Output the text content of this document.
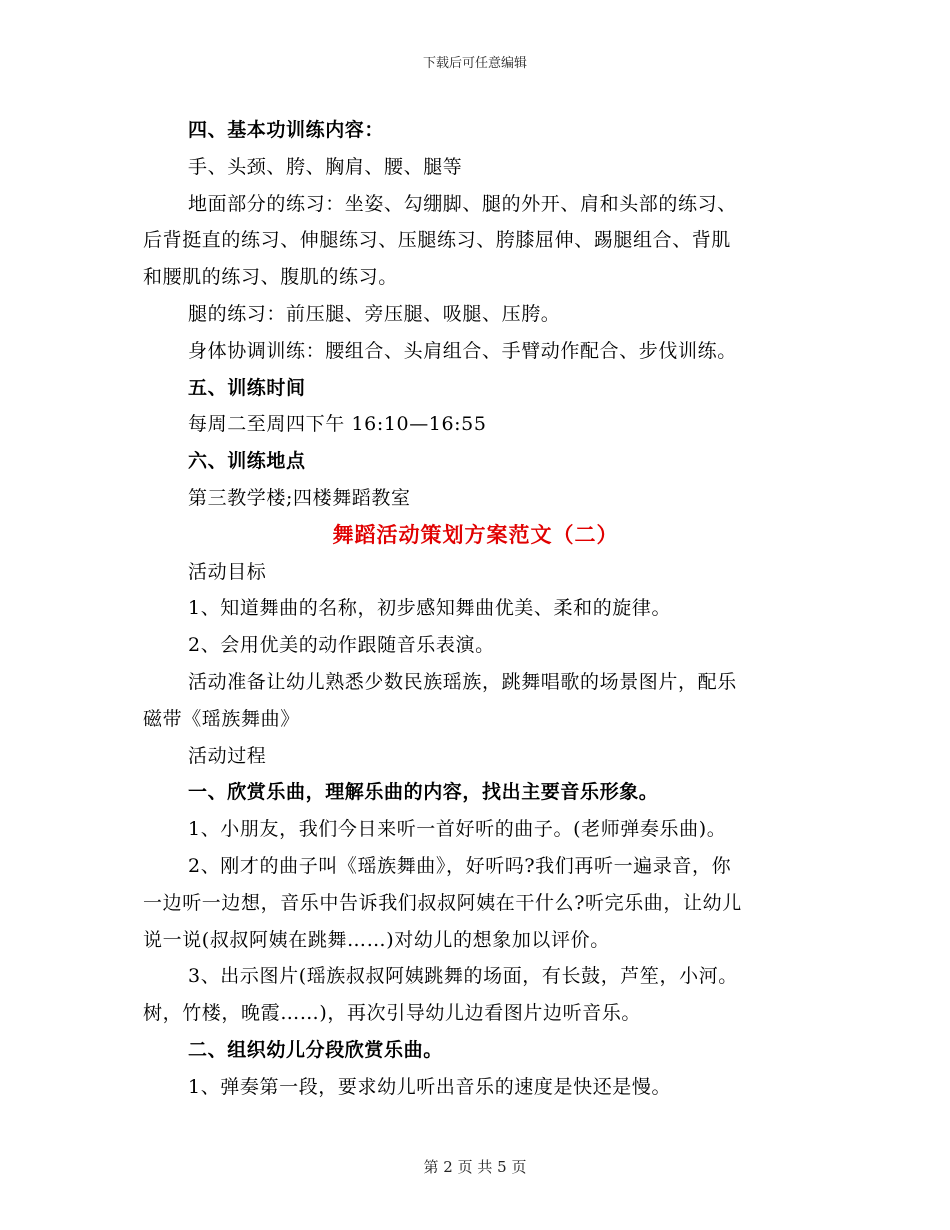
下载后可任意编辑

四、基本功训练内容：

手、头颈、胯、胸肩、腰、腿等

地面部分的练习：坐姿、勾绷脚、腿的外开、肩和头部的练习、

后背挺直的练习、伸腿练习、压腿练习、胯膝屈伸、踢腿组合、背肌

和腰肌的练习、腹肌的练习。

腿的练习：前压腿、旁压腿、吸腿、压胯。

身体协调训练：腰组合、头肩组合、手臂动作配合、步伐训练。

五、训练时间

每周二至周四下午 16:10—16:55

六、训练地点

第三教学楼;四楼舞蹈教室

舞蹈活动策划方案范文（二）

活动目标

1、知道舞曲的名称，初步感知舞曲优美、柔和的旋律。

2、会用优美的动作跟随音乐表演。

活动准备让幼儿熟悉少数民族瑶族，跳舞唱歌的场景图片，配乐

磁带《瑶族舞曲》

活动过程

一、欣赏乐曲，理解乐曲的内容，找出主要音乐形象。

1、小朋友，我们今日来听一首好听的曲子。(老师弹奏乐曲)。

2、刚才的曲子叫《瑶族舞曲》，好听吗?我们再听一遍录音，你

一边听一边想，音乐中告诉我们叔叔阿姨在干什么?听完乐曲，让幼儿

说一说(叔叔阿姨在跳舞……)对幼儿的想象加以评价。

3、出示图片(瑶族叔叔阿姨跳舞的场面，有长鼓，芦笙，小河。

树，竹楼，晚霞……)，再次引导幼儿边看图片边听音乐。

二、组织幼儿分段欣赏乐曲。

1、弹奏第一段，要求幼儿听出音乐的速度是快还是慢。

第 2 页 共 5 页
